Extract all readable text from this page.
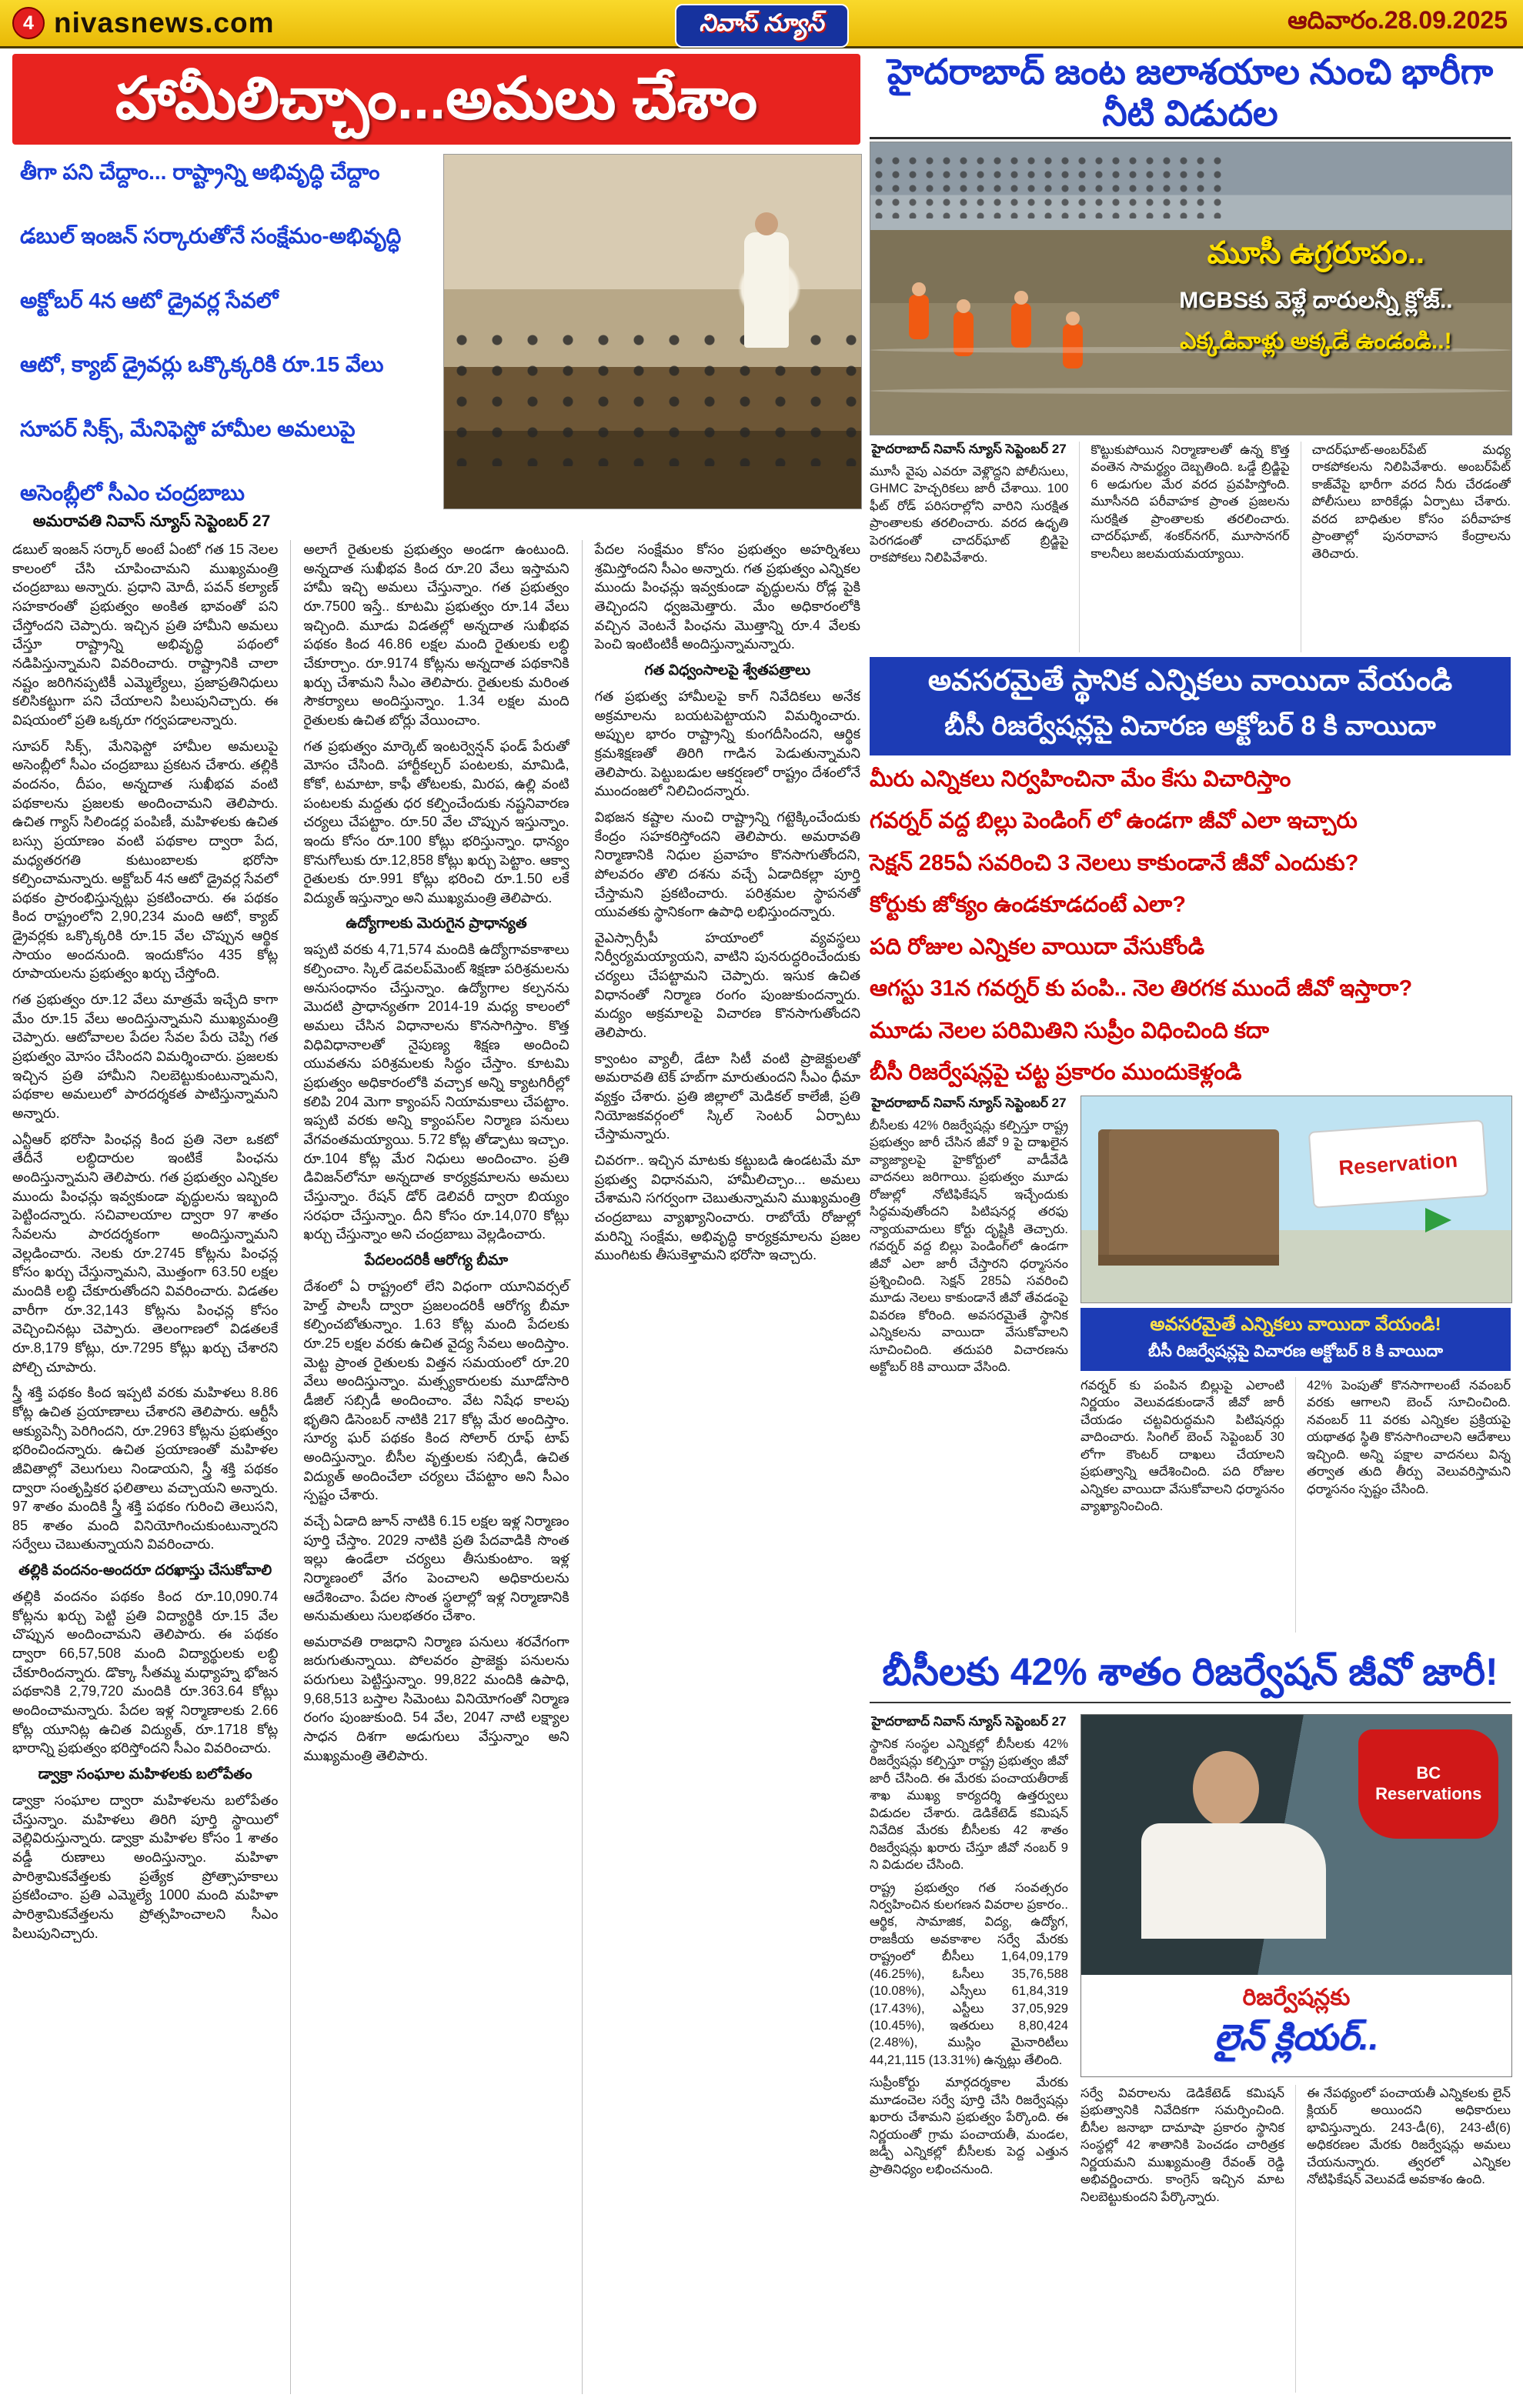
4 nivasnews.com	నివాస్ న్యూస్	ఆదివారం.28.09.2025
హామీలిచ్చాం...అమలు చేశాం
తీగా పని చేద్దాం... రాష్ట్రాన్ని అభివృద్ధి చేద్దాం
డబుల్ ఇంజన్ సర్కారుతోనే సంక్షేమం-అభివృద్ధి
అక్టోబర్ 4న ఆటో డ్రైవర్ల సేవలో
ఆటో, క్యాబ్ డ్రైవర్లు ఒక్కొక్కరికి రూ.15 వేలు
సూపర్ సిక్స్, మేనిఫెస్టో హామీల అమలుపై
అసెంబ్లీలో సీఎం చంద్రబాబు
అమరావతి నివాస్ న్యూస్ సెప్టెంబర్ 27

డబుల్ ఇంజన్ సర్కార్ అంటే ఏంటో గత 15 నెలల కాలంలో చేసి చూపించామని ముఖ్యమంత్రి చంద్రబాబు అన్నారు. ప్రధాని మోదీ, పవన్ కల్యాణ్ సహకారంతో ప్రభుత్వం అంకిత భావంతో పని చేస్తోందని చెప్పారు. ఇచ్చిన ప్రతి హామీని అమలు చేస్తూ రాష్ట్రాన్ని అభివృద్ధి పథంలో నడిపిస్తున్నామని వివరించారు. రాష్ట్రానికి చాలా నష్టం జరిగినప్పటికీ ఎమ్మెల్యేలు, ప్రజాప్రతినిధులు కలిసికట్టుగా పని చేయాలని పిలుపునిచ్చారు. ఈ విషయంలో ప్రతి ఒక్కరూ గర్వపడాలన్నారు.

సూపర్ సిక్స్, మేనిఫెస్టో హామీల అమలుపై అసెంబ్లీలో సీఎం చంద్రబాబు ప్రకటన చేశారు. తల్లికి వందనం, దీపం, అన్నదాత సుఖీభవ వంటి పథకాలను ప్రజలకు అందించామని తెలిపారు. ఉచిత గ్యాస్ సిలిండర్ల పంపిణీ, మహిళలకు ఉచిత బస్సు ప్రయాణం వంటి పథకాల ద్వారా పేద, మధ్యతరగతి కుటుంబాలకు భరోసా కల్పించామన్నారు. అక్టోబర్ 4న ఆటో డ్రైవర్ల సేవలో పథకం ప్రారంభిస్తున్నట్లు ప్రకటించారు. ఈ పథకం కింద రాష్ట్రంలోని 2,90,234 మంది ఆటో, క్యాబ్ డ్రైవర్లకు ఒక్కొక్కరికి రూ.15 వేల చొప్పున ఆర్థిక సాయం అందనుంది. ఇందుకోసం 435 కోట్ల రూపాయలను ప్రభుత్వం ఖర్చు చేస్తోంది.

గత ప్రభుత్వం రూ.12 వేలు మాత్రమే ఇచ్చేది కాగా మేం రూ.15 వేలు అందిస్తున్నామని ముఖ్యమంత్రి చెప్పారు. ఆటోవాలల పేదల సేవల పేరు చెప్పి గత ప్రభుత్వం మోసం చేసిందని విమర్శించారు. ప్రజలకు ఇచ్చిన ప్రతి హామీని నిలబెట్టుకుంటున్నామని, పథకాల అమలులో పారదర్శకత పాటిస్తున్నామని అన్నారు.

ఎన్టీఆర్ భరోసా పింఛన్ల కింద ప్రతి నెలా ఒకటో తేదీనే లబ్ధిదారుల ఇంటికే పింఛను అందిస్తున్నామని తెలిపారు. గత ప్రభుత్వం ఎన్నికల ముందు పింఛన్లు ఇవ్వకుండా వృద్ధులను ఇబ్బంది పెట్టిందన్నారు. సచివాలయాల ద్వారా 97 శాతం సేవలను పారదర్శకంగా అందిస్తున్నామని వెల్లడించారు. నెలకు రూ.2745 కోట్లను పింఛన్ల కోసం ఖర్చు చేస్తున్నామని, మొత్తంగా 63.50 లక్షల మందికి లబ్ధి చేకూరుతోందని వివరించారు. విడతల వారీగా రూ.32,143 కోట్లను పింఛన్ల కోసం వెచ్చించినట్లు చెప్పారు. తెలంగాణలో విడతలకే రూ.8,179 కోట్లు, రూ.7295 కోట్లు ఖర్చు చేశారని పోల్చి చూపారు.

స్త్రీ శక్తి పథకం కింద ఇప్పటి వరకు మహిళలు 8.86 కోట్ల ఉచిత ప్రయాణాలు చేశారని తెలిపారు. ఆర్టీసీ ఆక్యుపెన్సీ పెరిగిందని, రూ.2963 కోట్లను ప్రభుత్వం భరించిందన్నారు. ఉచిత ప్రయాణంతో మహిళల జీవితాల్లో వెలుగులు నిండాయని, స్త్రీ శక్తి పథకం ద్వారా సంతృప్తికర ఫలితాలు వచ్చాయని అన్నారు. 97 శాతం మందికి స్త్రీ శక్తి పథకం గురించి తెలుసని, 85 శాతం మంది వినియోగించుకుంటున్నారని సర్వేలు చెబుతున్నాయని వివరించారు.

తల్లికి వందనం-అందరూ దరఖాస్తు చేసుకోవాలి

తల్లికి వందనం పథకం కింద రూ.10,090.74 కోట్లను ఖర్చు పెట్టి ప్రతి విద్యార్థికి రూ.15 వేల చొప్పున అందించామని తెలిపారు. ఈ పథకం ద్వారా 66,57,508 మంది విద్యార్థులకు లబ్ధి చేకూరిందన్నారు. డొక్కా సీతమ్మ మధ్యాహ్న భోజన పథకానికి 2,79,720 మందికి రూ.363.64 కోట్లు అందించామన్నారు. పేదల ఇళ్ల నిర్మాణాలకు 2.66 కోట్ల యూనిట్ల ఉచిత విద్యుత్, రూ.1718 కోట్ల భారాన్ని ప్రభుత్వం భరిస్తోందని సీఎం వివరించారు.

డ్వాక్రా సంఘాల మహిళలకు బలోపేతం

డ్వాక్రా సంఘాల ద్వారా మహిళలను బలోపేతం చేస్తున్నాం. మహిళలు తిరిగి పూర్తి స్థాయిలో వెల్లివిరుస్తున్నారు. డ్వాక్రా మహిళల కోసం 1 శాతం వడ్డీ రుణాలు అందిస్తున్నాం. మహిళా పారిశ్రామికవేత్తలకు ప్రత్యేక ప్రోత్సాహకాలు ప్రకటించాం. ప్రతి ఎమ్మెల్యే 1000 మంది మహిళా పారిశ్రామికవేత్తలను ప్రోత్సహించాలని సీఎం పిలుపునిచ్చారు.

అలాగే రైతులకు ప్రభుత్వం అండగా ఉంటుంది. అన్నదాత సుఖీభవ కింద రూ.20 వేలు ఇస్తామని హామీ ఇచ్చి అమలు చేస్తున్నాం. గత ప్రభుత్వం రూ.7500 ఇస్తే.. కూటమి ప్రభుత్వం రూ.14 వేలు ఇచ్చింది. మూడు విడతల్లో అన్నదాత సుఖీభవ పథకం కింద 46.86 లక్షల మంది రైతులకు లబ్ధి చేకూర్చాం. రూ.9174 కోట్లను అన్నదాత పథకానికి ఖర్చు చేశామని సీఎం తెలిపారు. రైతులకు మరింత సౌకర్యాలు అందిస్తున్నాం. 1.34 లక్షల మంది రైతులకు ఉచిత బోర్లు వేయించాం.

గత ప్రభుత్వం మార్కెట్ ఇంటర్వెన్షన్ ఫండ్ పేరుతో మోసం చేసింది. హార్టీకల్చర్ పంటలకు, మామిడి, కోకో, టమాటా, కాఫీ తోటలకు, మిరప, ఉల్లి వంటి పంటలకు మద్దతు ధర కల్పించేందుకు నష్టనివారణ చర్యలు చేపట్టాం. రూ.50 వేల చొప్పున ఇస్తున్నాం. ఇందు కోసం రూ.100 కోట్లు భరిస్తున్నాం. ధాన్యం కొనుగోలుకు రూ.12,858 కోట్లు ఖర్చు పెట్టాం. ఆక్వా రైతులకు రూ.991 కోట్లు భరించి రూ.1.50 లకే విద్యుత్ ఇస్తున్నాం అని ముఖ్యమంత్రి తెలిపారు.

ఉద్యోగాలకు మెరుగైన ప్రాధాన్యత

ఇప్పటి వరకు 4,71,574 మందికి ఉద్యోగావకాశాలు కల్పించాం. స్కిల్ డెవలప్‌మెంట్ శిక్షణా పరిశ్రమలను అనుసంధానం చేస్తున్నాం. ఉద్యోగాల కల్పనను మొదటి ప్రాధాన్యతగా 2014-19 మధ్య కాలంలో అమలు చేసిన విధానాలను కొనసాగిస్తాం. కొత్త విధివిధానాలతో నైపుణ్య శిక్షణ అందించి యువతను పరిశ్రమలకు సిద్ధం చేస్తాం. కూటమి ప్రభుత్వం అధికారంలోకి వచ్చాక అన్ని క్యాటగిరీల్లో కలిపి 204 మెగా క్యాంపస్ నియామకాలు చేపట్టాం. ఇప్పటి వరకు అన్ని క్యాంపస్‌ల నిర్మాణ పనులు వేగవంతమయ్యాయి. 5.72 కోట్ల తోడ్పాటు ఇచ్చాం. రూ.104 కోట్ల మేర నిధులు అందించాం. ప్రతి డివిజన్‌లోనూ అన్నదాత కార్యక్రమాలను అమలు చేస్తున్నాం. రేషన్ డోర్ డెలివరీ ద్వారా బియ్యం సరఫరా చేస్తున్నాం. దీని కోసం రూ.14,070 కోట్లు ఖర్చు చేస్తున్నాం అని చంద్రబాబు వెల్లడించారు.

పేదలందరికీ ఆరోగ్య బీమా

దేశంలో ఏ రాష్ట్రంలో లేని విధంగా యూనివర్సల్ హెల్త్ పాలసీ ద్వారా ప్రజలందరికీ ఆరోగ్య బీమా కల్పించబోతున్నాం. 1.63 కోట్ల మంది పేదలకు రూ.25 లక్షల వరకు ఉచిత వైద్య సేవలు అందిస్తాం. మెట్ట ప్రాంత రైతులకు విత్తన సమయంలో రూ.20 వేలు అందిస్తున్నాం. మత్స్యకారులకు మూడోసారి డీజిల్ సబ్సిడీ అందించాం. వేట నిషేధ కాలపు భృతిని డిసెంబర్ నాటికి 217 కోట్ల మేర అందిస్తాం. సూర్య ఘర్ పథకం కింద సోలార్ రూఫ్ టాప్ అందిస్తున్నాం. బీసీల వృత్తులకు సబ్సిడీ, ఉచిత విద్యుత్ అందించేలా చర్యలు చేపట్టాం అని సీఎం స్పష్టం చేశారు.

వచ్చే ఏడాది జూన్ నాటికి 6.15 లక్షల ఇళ్ల నిర్మాణం పూర్తి చేస్తాం. 2029 నాటికి ప్రతి పేదవాడికి సొంత ఇల్లు ఉండేలా చర్యలు తీసుకుంటాం. ఇళ్ల నిర్మాణంలో వేగం పెంచాలని అధికారులను ఆదేశించాం. పేదల సొంత స్థలాల్లో ఇళ్ల నిర్మాణానికి అనుమతులు సులభతరం చేశాం.

అమరావతి రాజధాని నిర్మాణ పనులు శరవేగంగా జరుగుతున్నాయి. పోలవరం ప్రాజెక్టు పనులను పరుగులు పెట్టిస్తున్నాం. 99,822 మందికి ఉపాధి, 9,68,513 బస్తాల సిమెంటు వినియోగంతో నిర్మాణ రంగం పుంజుకుంది. 54 వేల, 2047 నాటి లక్ష్యాల సాధన దిశగా అడుగులు వేస్తున్నాం అని ముఖ్యమంత్రి తెలిపారు.

పేదల సంక్షేమం కోసం ప్రభుత్వం అహర్నిశలు శ్రమిస్తోందని సీఎం అన్నారు. గత ప్రభుత్వం ఎన్నికల ముందు పింఛన్లు ఇవ్వకుండా వృద్ధులను రోడ్ల పైకి తెచ్చిందని ధ్వజమెత్తారు. మేం అధికారంలోకి వచ్చిన వెంటనే పింఛను మొత్తాన్ని రూ.4 వేలకు పెంచి ఇంటింటికీ అందిస్తున్నామన్నారు.

గత విధ్వంసాలపై శ్వేతపత్రాలు

గత ప్రభుత్వ హామీలపై కాగ్ నివేదికలు అనేక అక్రమాలను బయటపెట్టాయని విమర్శించారు. అప్పుల భారం రాష్ట్రాన్ని కుంగదీసిందని, ఆర్థిక క్రమశిక్షణతో తిరిగి గాడిన పెడుతున్నామని తెలిపారు. పెట్టుబడుల ఆకర్షణలో రాష్ట్రం దేశంలోనే ముందంజలో నిలిచిందన్నారు.

విభజన కష్టాల నుంచి రాష్ట్రాన్ని గట్టెక్కించేందుకు కేంద్రం సహకరిస్తోందని తెలిపారు. అమరావతి నిర్మాణానికి నిధుల ప్రవాహం కొనసాగుతోందని, పోలవరం తొలి దశను వచ్చే ఏడాదికల్లా పూర్తి చేస్తామని ప్రకటించారు. పరిశ్రమల స్థాపనతో యువతకు స్థానికంగా ఉపాధి లభిస్తుందన్నారు.

వైఎస్సార్సీపీ హయాంలో వ్యవస్థలు నిర్వీర్యమయ్యాయని, వాటిని పునరుద్ధరించేందుకు చర్యలు చేపట్టామని చెప్పారు. ఇసుక ఉచిత విధానంతో నిర్మాణ రంగం పుంజుకుందన్నారు. మద్యం అక్రమాలపై విచారణ కొనసాగుతోందని తెలిపారు.

క్వాంటం వ్యాలీ, డేటా సిటీ వంటి ప్రాజెక్టులతో అమరావతి టెక్ హబ్‌గా మారుతుందని సీఎం ధీమా వ్యక్తం చేశారు. ప్రతి జిల్లాలో మెడికల్ కాలేజీ, ప్రతి నియోజకవర్గంలో స్కిల్ సెంటర్ ఏర్పాటు చేస్తామన్నారు.

చివరగా.. ఇచ్చిన మాటకు కట్టుబడి ఉండటమే మా ప్రభుత్వ విధానమని, హామీలిచ్చాం... అమలు చేశామని సగర్వంగా చెబుతున్నామని ముఖ్యమంత్రి చంద్రబాబు వ్యాఖ్యానించారు. రాబోయే రోజుల్లో మరిన్ని సంక్షేమ, అభివృద్ధి కార్యక్రమాలను ప్రజల ముంగిటకు తీసుకెళ్తామని భరోసా ఇచ్చారు.

హైదరాబాద్ జంట జలాశయాల నుంచి భారీగా నీటి విడుదల
మూసీ ఉగ్రరూపం..
MGBSకు వెళ్లే దారులన్నీ క్లోజ్..
ఎక్కడివాళ్లు అక్కడే ఉండండి..!
హైదరాబాద్ నివాస్ న్యూస్ సెప్టెంబర్ 27

మూసీ వైపు ఎవరూ వెళ్లొద్దని పోలీసులు, GHMC హెచ్చరికలు జారీ చేశాయి. 100 ఫీట్ రోడ్ పరిసరాల్లోని వారిని సురక్షిత ప్రాంతాలకు తరలించారు. వరద ఉధృతి పెరగడంతో చాదర్‌ఘాట్ బ్రిడ్జిపై రాకపోకలు నిలిపివేశారు.

కొట్టుకుపోయిన నిర్మాణాలతో ఉన్న కొత్త వంతెన సామర్థ్యం దెబ్బతింది. ఒడ్డే బ్రిడ్జిపై 6 అడుగుల మేర వరద ప్రవహిస్తోంది. మూసీనది పరీవాహక ప్రాంత ప్రజలను సురక్షిత ప్రాంతాలకు తరలించారు. చాదర్‌ఘాట్, శంకర్‌నగర్, మూసానగర్ కాలనీలు జలమయమయ్యాయి.

చాదర్‌ఘాట్-అంబర్‌పేట్ మధ్య రాకపోకలను నిలిపివేశారు. అంబర్‌పేట్ కాజ్‌వేపై భారీగా వరద నీరు చేరడంతో పోలీసులు బారికేడ్లు ఏర్పాటు చేశారు. వరద బాధితుల కోసం పరీవాహక ప్రాంతాల్లో పునరావాస కేంద్రాలను తెరిచారు.

అవసరమైతే స్థానిక ఎన్నికలు వాయిదా వేయండి
బీసీ రిజర్వేషన్లపై విచారణ అక్టోబర్ 8 కి వాయిదా
మీరు ఎన్నికలు నిర్వహించినా మేం కేసు విచారిస్తాం
గవర్నర్ వద్ద బిల్లు పెండింగ్ లో ఉండగా జీవో ఎలా ఇచ్చారు
సెక్షన్ 285ఏ సవరించి 3 నెలలు కాకుండానే జీవో ఎందుకు?
కోర్టుకు జోక్యం ఉండకూడదంటే ఎలా?
పది రోజుల ఎన్నికల వాయిదా వేసుకోండి
ఆగస్టు 31న గవర్నర్ కు పంపి.. నెల తిరగక ముందే జీవో ఇస్తారా?
మూడు నెలల పరిమితిని సుప్రీం విధించింది కదా
బీసీ రిజర్వేషన్లపై చట్ట ప్రకారం ముందుకెళ్లండి
హైదరాబాద్ నివాస్ న్యూస్ సెప్టెంబర్ 27

బీసీలకు 42% రిజర్వేషన్లు కల్పిస్తూ రాష్ట్ర ప్రభుత్వం జారీ చేసిన జీవో 9 పై దాఖలైన వ్యాజ్యాలపై హైకోర్టులో వాడీవేడి వాదనలు జరిగాయి. ప్రభుత్వం మూడు రోజుల్లో నోటిఫికేషన్ ఇచ్చేందుకు సిద్ధమవుతోందని పిటిషనర్ల తరఫు న్యాయవాదులు కోర్టు దృష్టికి తెచ్చారు. గవర్నర్ వద్ద బిల్లు పెండింగ్‌లో ఉండగా జీవో ఎలా జారీ చేస్తారని ధర్మాసనం ప్రశ్నించింది. సెక్షన్ 285ఏ సవరించి మూడు నెలలు కాకుండానే జీవో తేవడంపై వివరణ కోరింది. అవసరమైతే స్థానిక ఎన్నికలను వాయిదా వేసుకోవాలని సూచించింది. తదుపరి విచారణను అక్టోబర్ 8కి వాయిదా వేసింది.

Reservation
అవసరమైతే ఎన్నికలు వాయిదా వేయండి!
బీసీ రిజర్వేషన్లపై విచారణ అక్టోబర్ 8 కి వాయిదా

గవర్నర్ కు పంపిన బిల్లుపై ఎలాంటి నిర్ణయం వెలువడకుండానే జీవో జారీ చేయడం చట్టవిరుద్ధమని పిటిషనర్లు వాదించారు. సింగిల్ బెంచ్ సెప్టెంబర్ 30 లోగా కౌంటర్ దాఖలు చేయాలని ప్రభుత్వాన్ని ఆదేశించింది. పది రోజుల ఎన్నికల వాయిదా వేసుకోవాలని ధర్మాసనం వ్యాఖ్యానించింది.

42% పెంపుతో కొనసాగాలంటే నవంబర్ వరకు ఆగాలని బెంచ్ సూచించింది. నవంబర్ 11 వరకు ఎన్నికల ప్రక్రియపై యథాతథ స్థితి కొనసాగించాలని ఆదేశాలు ఇచ్చింది. అన్ని పక్షాల వాదనలు విన్న తర్వాత తుది తీర్పు వెలువరిస్తామని ధర్మాసనం స్పష్టం చేసింది.

బీసీలకు 42% శాతం రిజర్వేషన్ జీవో జారీ!
హైదరాబాద్ నివాస్ న్యూస్ సెప్టెంబర్ 27

స్థానిక సంస్థల ఎన్నికల్లో బీసీలకు 42% రిజర్వేషన్లు కల్పిస్తూ రాష్ట్ర ప్రభుత్వం జీవో జారీ చేసింది. ఈ మేరకు పంచాయతీరాజ్ శాఖ ముఖ్య కార్యదర్శి ఉత్తర్వులు విడుదల చేశారు. డెడికేటెడ్ కమిషన్ నివేదిక మేరకు బీసీలకు 42 శాతం రిజర్వేషన్లు ఖరారు చేస్తూ జీవో నంబర్ 9 ని విడుదల చేసింది.

రాష్ట్ర ప్రభుత్వం గత సంవత్సరం నిర్వహించిన కులగణన వివరాల ప్రకారం.. ఆర్థిక, సామాజిక, విద్య, ఉద్యోగ, రాజకీయ అవకాశాల సర్వే మేరకు రాష్ట్రంలో బీసీలు 1,64,09,179 (46.25%), ఓసీలు 35,76,588 (10.08%), ఎస్సీలు 61,84,319 (17.43%), ఎస్టీలు 37,05,929 (10.45%), ఇతరులు 8,80,424 (2.48%), ముస్లిం మైనారిటీలు 44,21,115 (13.31%) ఉన్నట్లు తేలింది.

సుప్రీంకోర్టు మార్గదర్శకాల మేరకు మూడంచెల సర్వే పూర్తి చేసి రిజర్వేషన్లు ఖరారు చేశామని ప్రభుత్వం పేర్కొంది. ఈ నిర్ణయంతో గ్రామ పంచాయతీ, మండల, జడ్పీ ఎన్నికల్లో బీసీలకు పెద్ద ఎత్తున ప్రాతినిధ్యం లభించనుంది.

BC Reservations
రిజర్వేషన్లకు
లైన్ క్లియర్..

సర్వే వివరాలను డెడికేటెడ్ కమిషన్ ప్రభుత్వానికి నివేదికగా సమర్పించింది. బీసీల జనాభా దామాషా ప్రకారం స్థానిక సంస్థల్లో 42 శాతానికి పెంచడం చారిత్రక నిర్ణయమని ముఖ్యమంత్రి రేవంత్ రెడ్డి అభివర్ణించారు. కాంగ్రెస్ ఇచ్చిన మాట నిలబెట్టుకుందని పేర్కొన్నారు.

ఈ నేపథ్యంలో పంచాయతీ ఎన్నికలకు లైన్ క్లియర్ అయిందని అధికారులు భావిస్తున్నారు. 243-డీ(6), 243-టీ(6) అధికరణల మేరకు రిజర్వేషన్లు అమలు చేయనున్నారు. త్వరలో ఎన్నికల నోటిఫికేషన్ వెలువడే అవకాశం ఉంది.
